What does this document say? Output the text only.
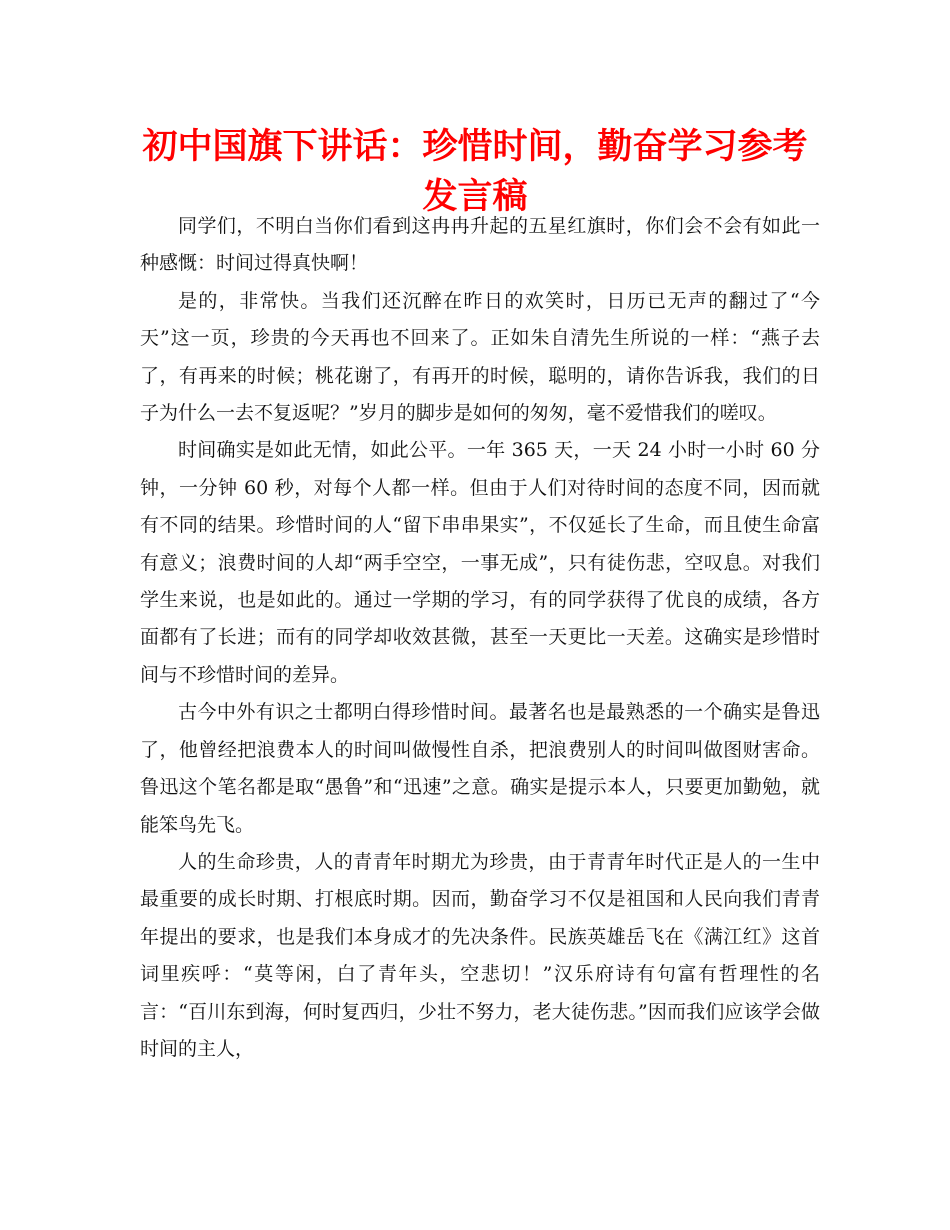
初中国旗下讲话：珍惜时间，勤奋学习参考发言稿

同学们，不明白当你们看到这冉冉升起的五星红旗时，你们会不会有如此一种感慨：时间过得真快啊！

是的，非常快。当我们还沉醉在昨日的欢笑时，日历已无声的翻过了“今天”这一页，珍贵的今天再也不回来了。正如朱自清先生所说的一样：“燕子去了，有再来的时候；桃花谢了，有再开的时候，聪明的，请你告诉我，我们的日子为什么一去不复返呢？”岁月的脚步是如何的匆匆，毫不爱惜我们的嗟叹。

时间确实是如此无情，如此公平。一年 365 天，一天 24 小时一小时 60 分钟，一分钟 60 秒，对每个人都一样。但由于人们对待时间的态度不同，因而就有不同的结果。珍惜时间的人“留下串串果实”，不仅延长了生命，而且使生命富有意义；浪费时间的人却“两手空空，一事无成”，只有徒伤悲，空叹息。对我们学生来说，也是如此的。通过一学期的学习，有的同学获得了优良的成绩，各方面都有了长进；而有的同学却收效甚微，甚至一天更比一天差。这确实是珍惜时间与不珍惜时间的差异。

古今中外有识之士都明白得珍惜时间。最著名也是最熟悉的一个确实是鲁迅了，他曾经把浪费本人的时间叫做慢性自杀，把浪费别人的时间叫做图财害命。鲁迅这个笔名都是取“愚鲁”和“迅速”之意。确实是提示本人，只要更加勤勉，就能笨鸟先飞。

人的生命珍贵，人的青青年时期尤为珍贵，由于青青年时代正是人的一生中最重要的成长时期、打根底时期。因而，勤奋学习不仅是祖国和人民向我们青青年提出的要求，也是我们本身成才的先决条件。民族英雄岳飞在《满江红》这首词里疾呼：“莫等闲，白了青年头，空悲切！”汉乐府诗有句富有哲理性的名言：“百川东到海，何时复西归，少壮不努力，老大徒伤悲。”因而我们应该学会做时间的主人，
